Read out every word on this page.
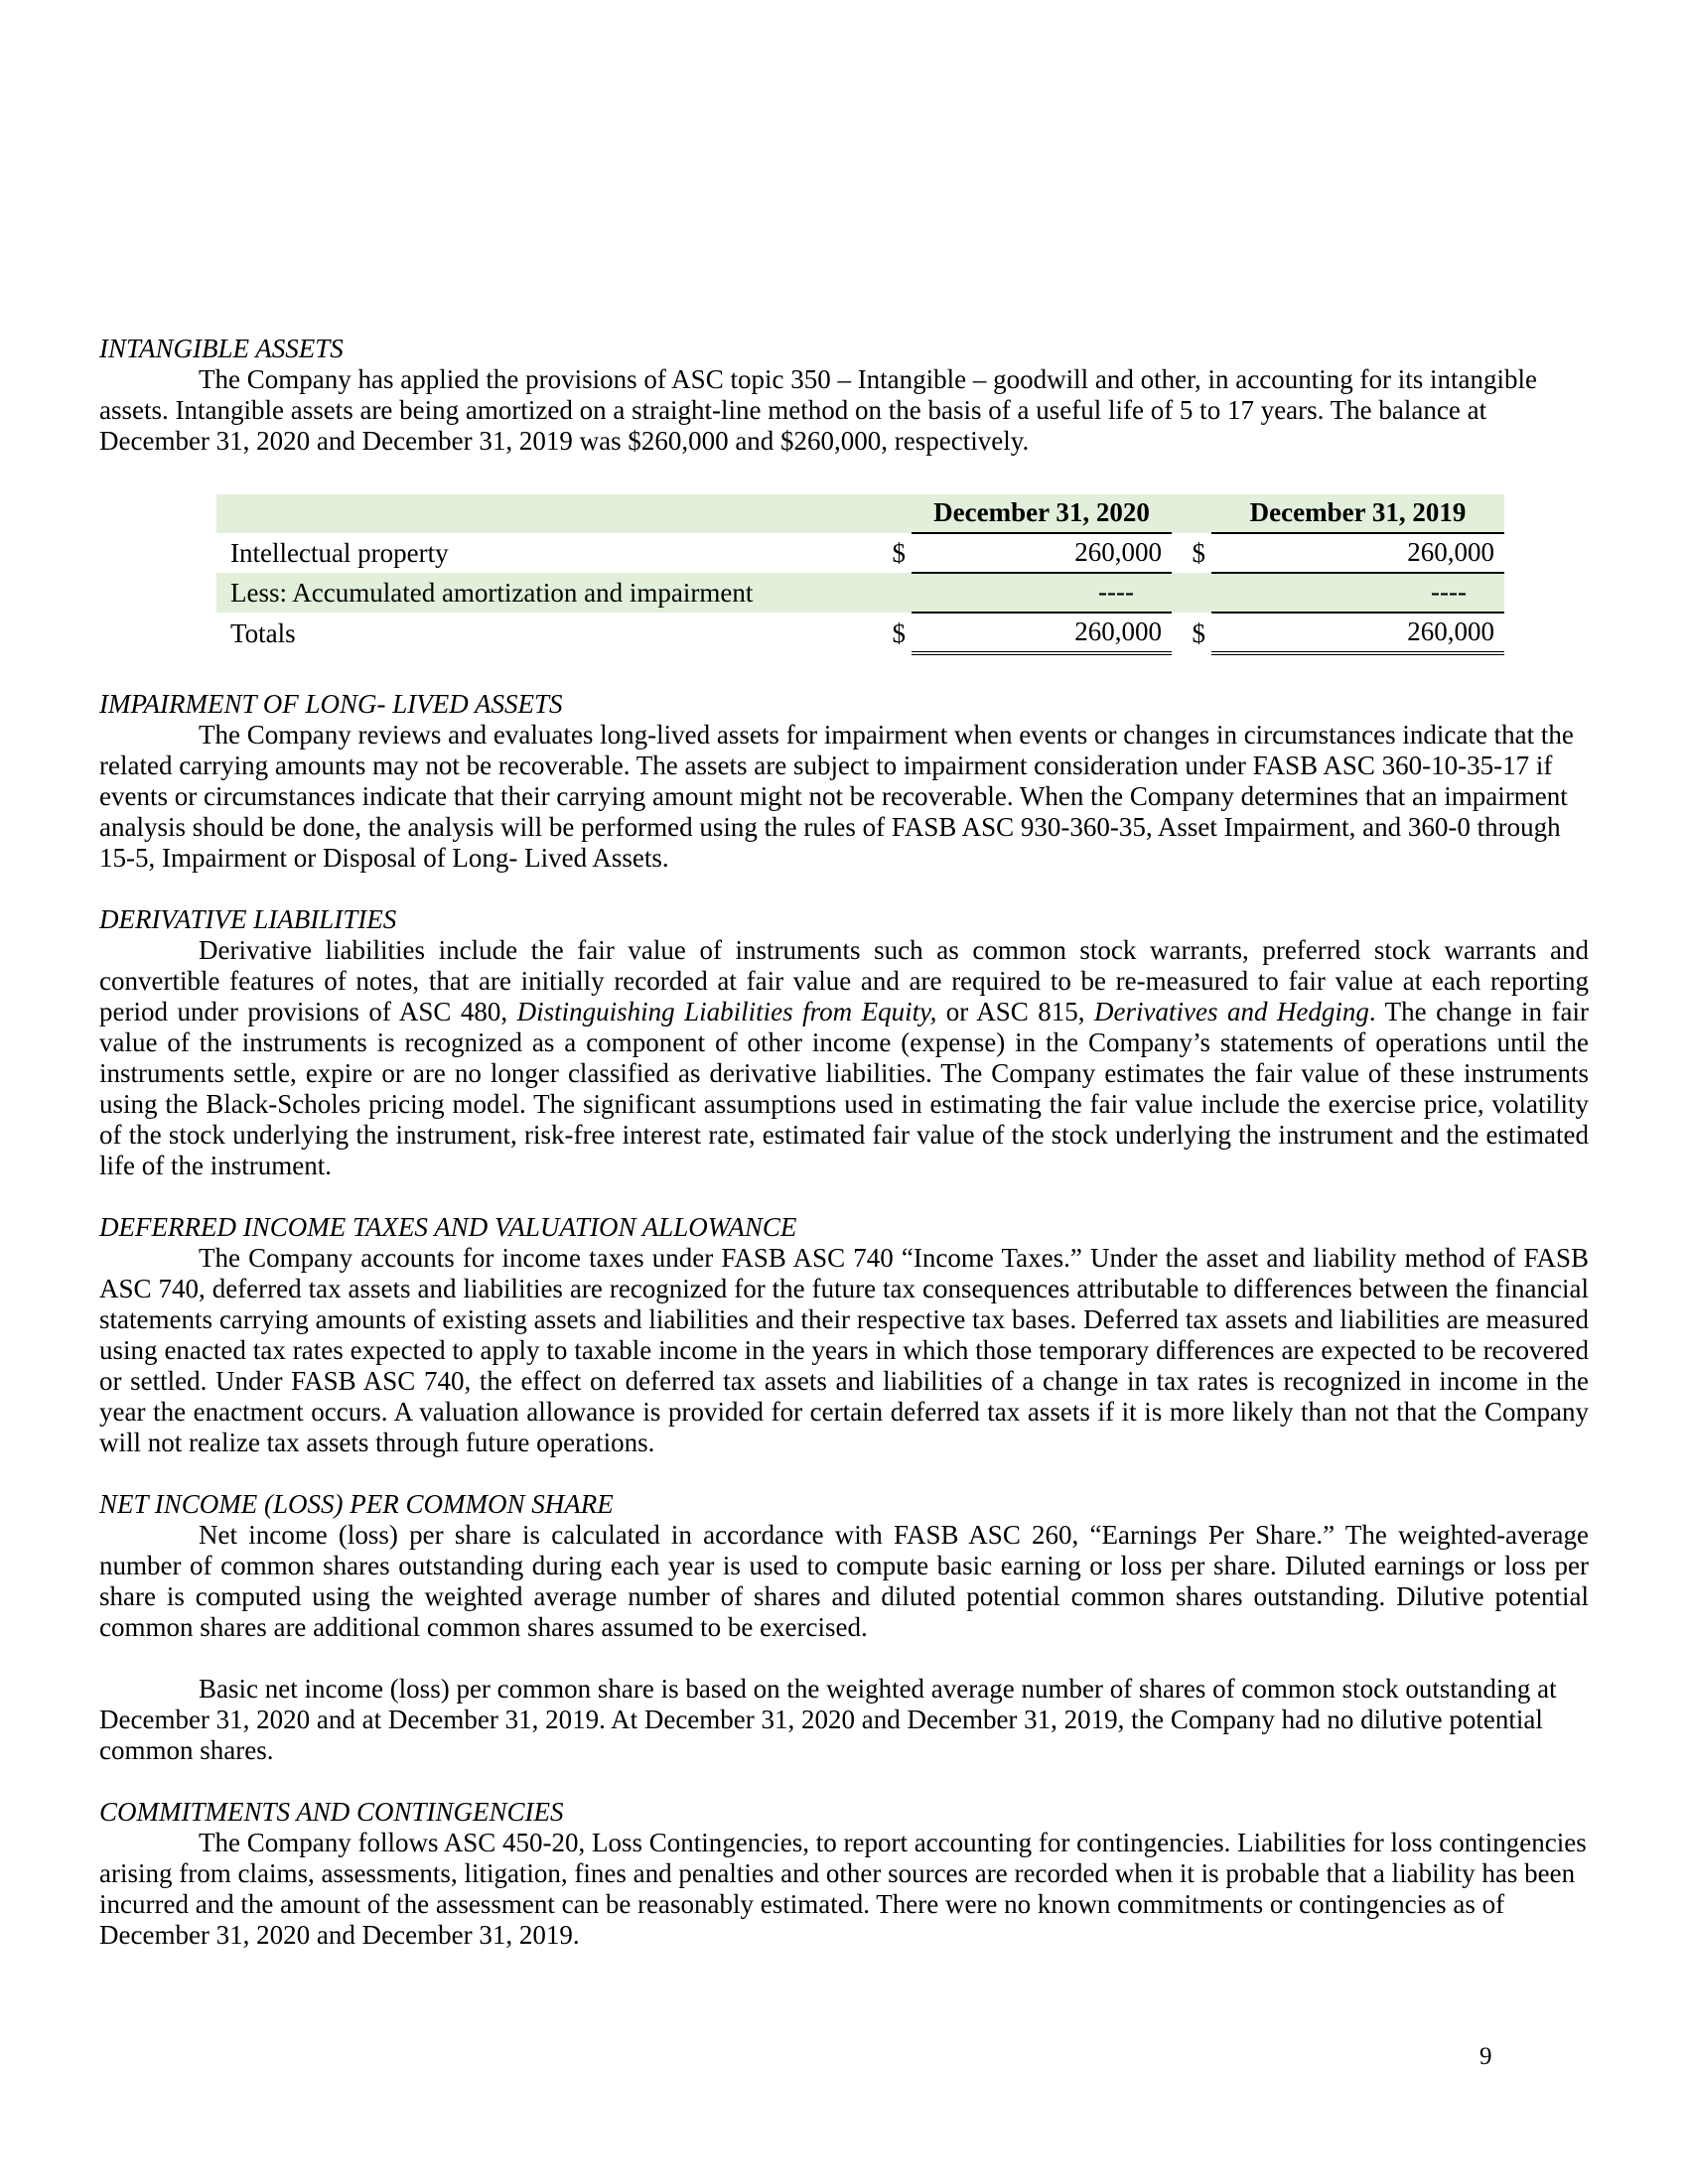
INTANGIBLE ASSETS

The Company has applied the provisions of ASC topic 350 – Intangible – goodwill and other, in accounting for its intangible assets. Intangible assets are being amortized on a straight-line method on the basis of a useful life of 5 to 17 years. The balance at December 31, 2020 and December 31, 2019 was $260,000 and $260,000, respectively.

		December 31, 2020		December 31, 2019
Intellectual property	$	260,000	$	260,000
Less: Accumulated amortization and impairment		----		----
Totals	$	260,000	$	260,000
IMPAIRMENT OF LONG- LIVED ASSETS

The Company reviews and evaluates long-lived assets for impairment when events or changes in circumstances indicate that the related carrying amounts may not be recoverable. The assets are subject to impairment consideration under FASB ASC 360-10-35-17 if events or circumstances indicate that their carrying amount might not be recoverable. When the Company determines that an impairment analysis should be done, the analysis will be performed using the rules of FASB ASC 930-360-35, Asset Impairment, and 360-0 through 15-5, Impairment or Disposal of Long- Lived Assets.

DERIVATIVE LIABILITIES

Derivative liabilities include the fair value of instruments such as common stock warrants, preferred stock warrants and convertible features of notes, that are initially recorded at fair value and are required to be re-measured to fair value at each reporting period under provisions of ASC 480, Distinguishing Liabilities from Equity, or ASC 815, Derivatives and Hedging. The change in fair value of the instruments is recognized as a component of other income (expense) in the Company’s statements of operations until the instruments settle, expire or are no longer classified as derivative liabilities. The Company estimates the fair value of these instruments using the Black-Scholes pricing model. The significant assumptions used in estimating the fair value include the exercise price, volatility of the stock underlying the instrument, risk-free interest rate, estimated fair value of the stock underlying the instrument and the estimated life of the instrument.

DEFERRED INCOME TAXES AND VALUATION ALLOWANCE

The Company accounts for income taxes under FASB ASC 740 “Income Taxes.” Under the asset and liability method of FASB ASC 740, deferred tax assets and liabilities are recognized for the future tax consequences attributable to differences between the financial statements carrying amounts of existing assets and liabilities and their respective tax bases. Deferred tax assets and liabilities are measured using enacted tax rates expected to apply to taxable income in the years in which those temporary differences are expected to be recovered or settled. Under FASB ASC 740, the effect on deferred tax assets and liabilities of a change in tax rates is recognized in income in the year the enactment occurs. A valuation allowance is provided for certain deferred tax assets if it is more likely than not that the Company will not realize tax assets through future operations.

NET INCOME (LOSS) PER COMMON SHARE

Net income (loss) per share is calculated in accordance with FASB ASC 260, “Earnings Per Share.” The weighted-average number of common shares outstanding during each year is used to compute basic earning or loss per share. Diluted earnings or loss per share is computed using the weighted average number of shares and diluted potential common shares outstanding. Dilutive potential common shares are additional common shares assumed to be exercised.

Basic net income (loss) per common share is based on the weighted average number of shares of common stock outstanding at December 31, 2020 and at December 31, 2019. At December 31, 2020 and December 31, 2019, the Company had no dilutive potential common shares.

COMMITMENTS AND CONTINGENCIES

The Company follows ASC 450-20, Loss Contingencies, to report accounting for contingencies. Liabilities for loss contingencies arising from claims, assessments, litigation, fines and penalties and other sources are recorded when it is probable that a liability has been incurred and the amount of the assessment can be reasonably estimated. There were no known commitments or contingencies as of December 31, 2020 and December 31, 2019.

9
